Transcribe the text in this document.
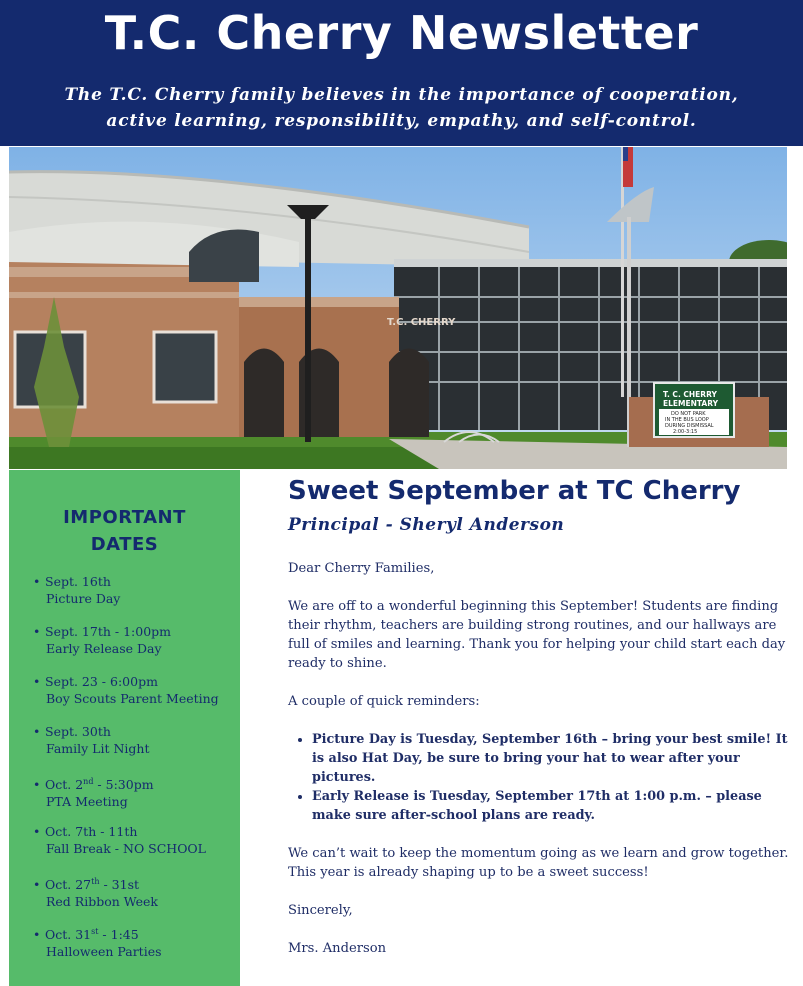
T.C. Cherry Newsletter
The T.C. Cherry family believes in the importance of cooperation,
active learning, responsibility, empathy, and self-control.
T.C. CHERRY
T. C. CHERRY
ELEMENTARY
DO NOT PARK
IN THE BUS LOOP
DURING DISMISSAL
2:00-3:15
IMPORTANT
DATES
• Sept. 16th
Picture Day
• Sept. 17th - 1:00pm
Early Release Day
• Sept. 23 - 6:00pm
Boy Scouts Parent Meeting
• Sept. 30th
Family Lit Night
• Oct. 2nd - 5:30pm
PTA Meeting
• Oct. 7th - 11th
Fall Break - NO SCHOOL
• Oct. 27th - 31st
Red Ribbon Week
• Oct. 31st - 1:45
Halloween Parties
Sweet September at TC Cherry
Principal - Sheryl Anderson

Dear Cherry Families,

We are off to a wonderful beginning this September! Students are finding their rhythm, teachers are building strong routines, and our hallways are full of smiles and learning. Thank you for helping your child start each day ready to shine.

A couple of quick reminders:

• Picture Day is Tuesday, September 16th – bring your best smile! It is also Hat Day, be sure to bring your hat to wear after your pictures.
• Early Release is Tuesday, September 17th at 1:00 p.m. – please make sure after-school plans are ready.

We can’t wait to keep the momentum going as we learn and grow together. This year is already shaping up to be a sweet success!

Sincerely,

Mrs. Anderson
